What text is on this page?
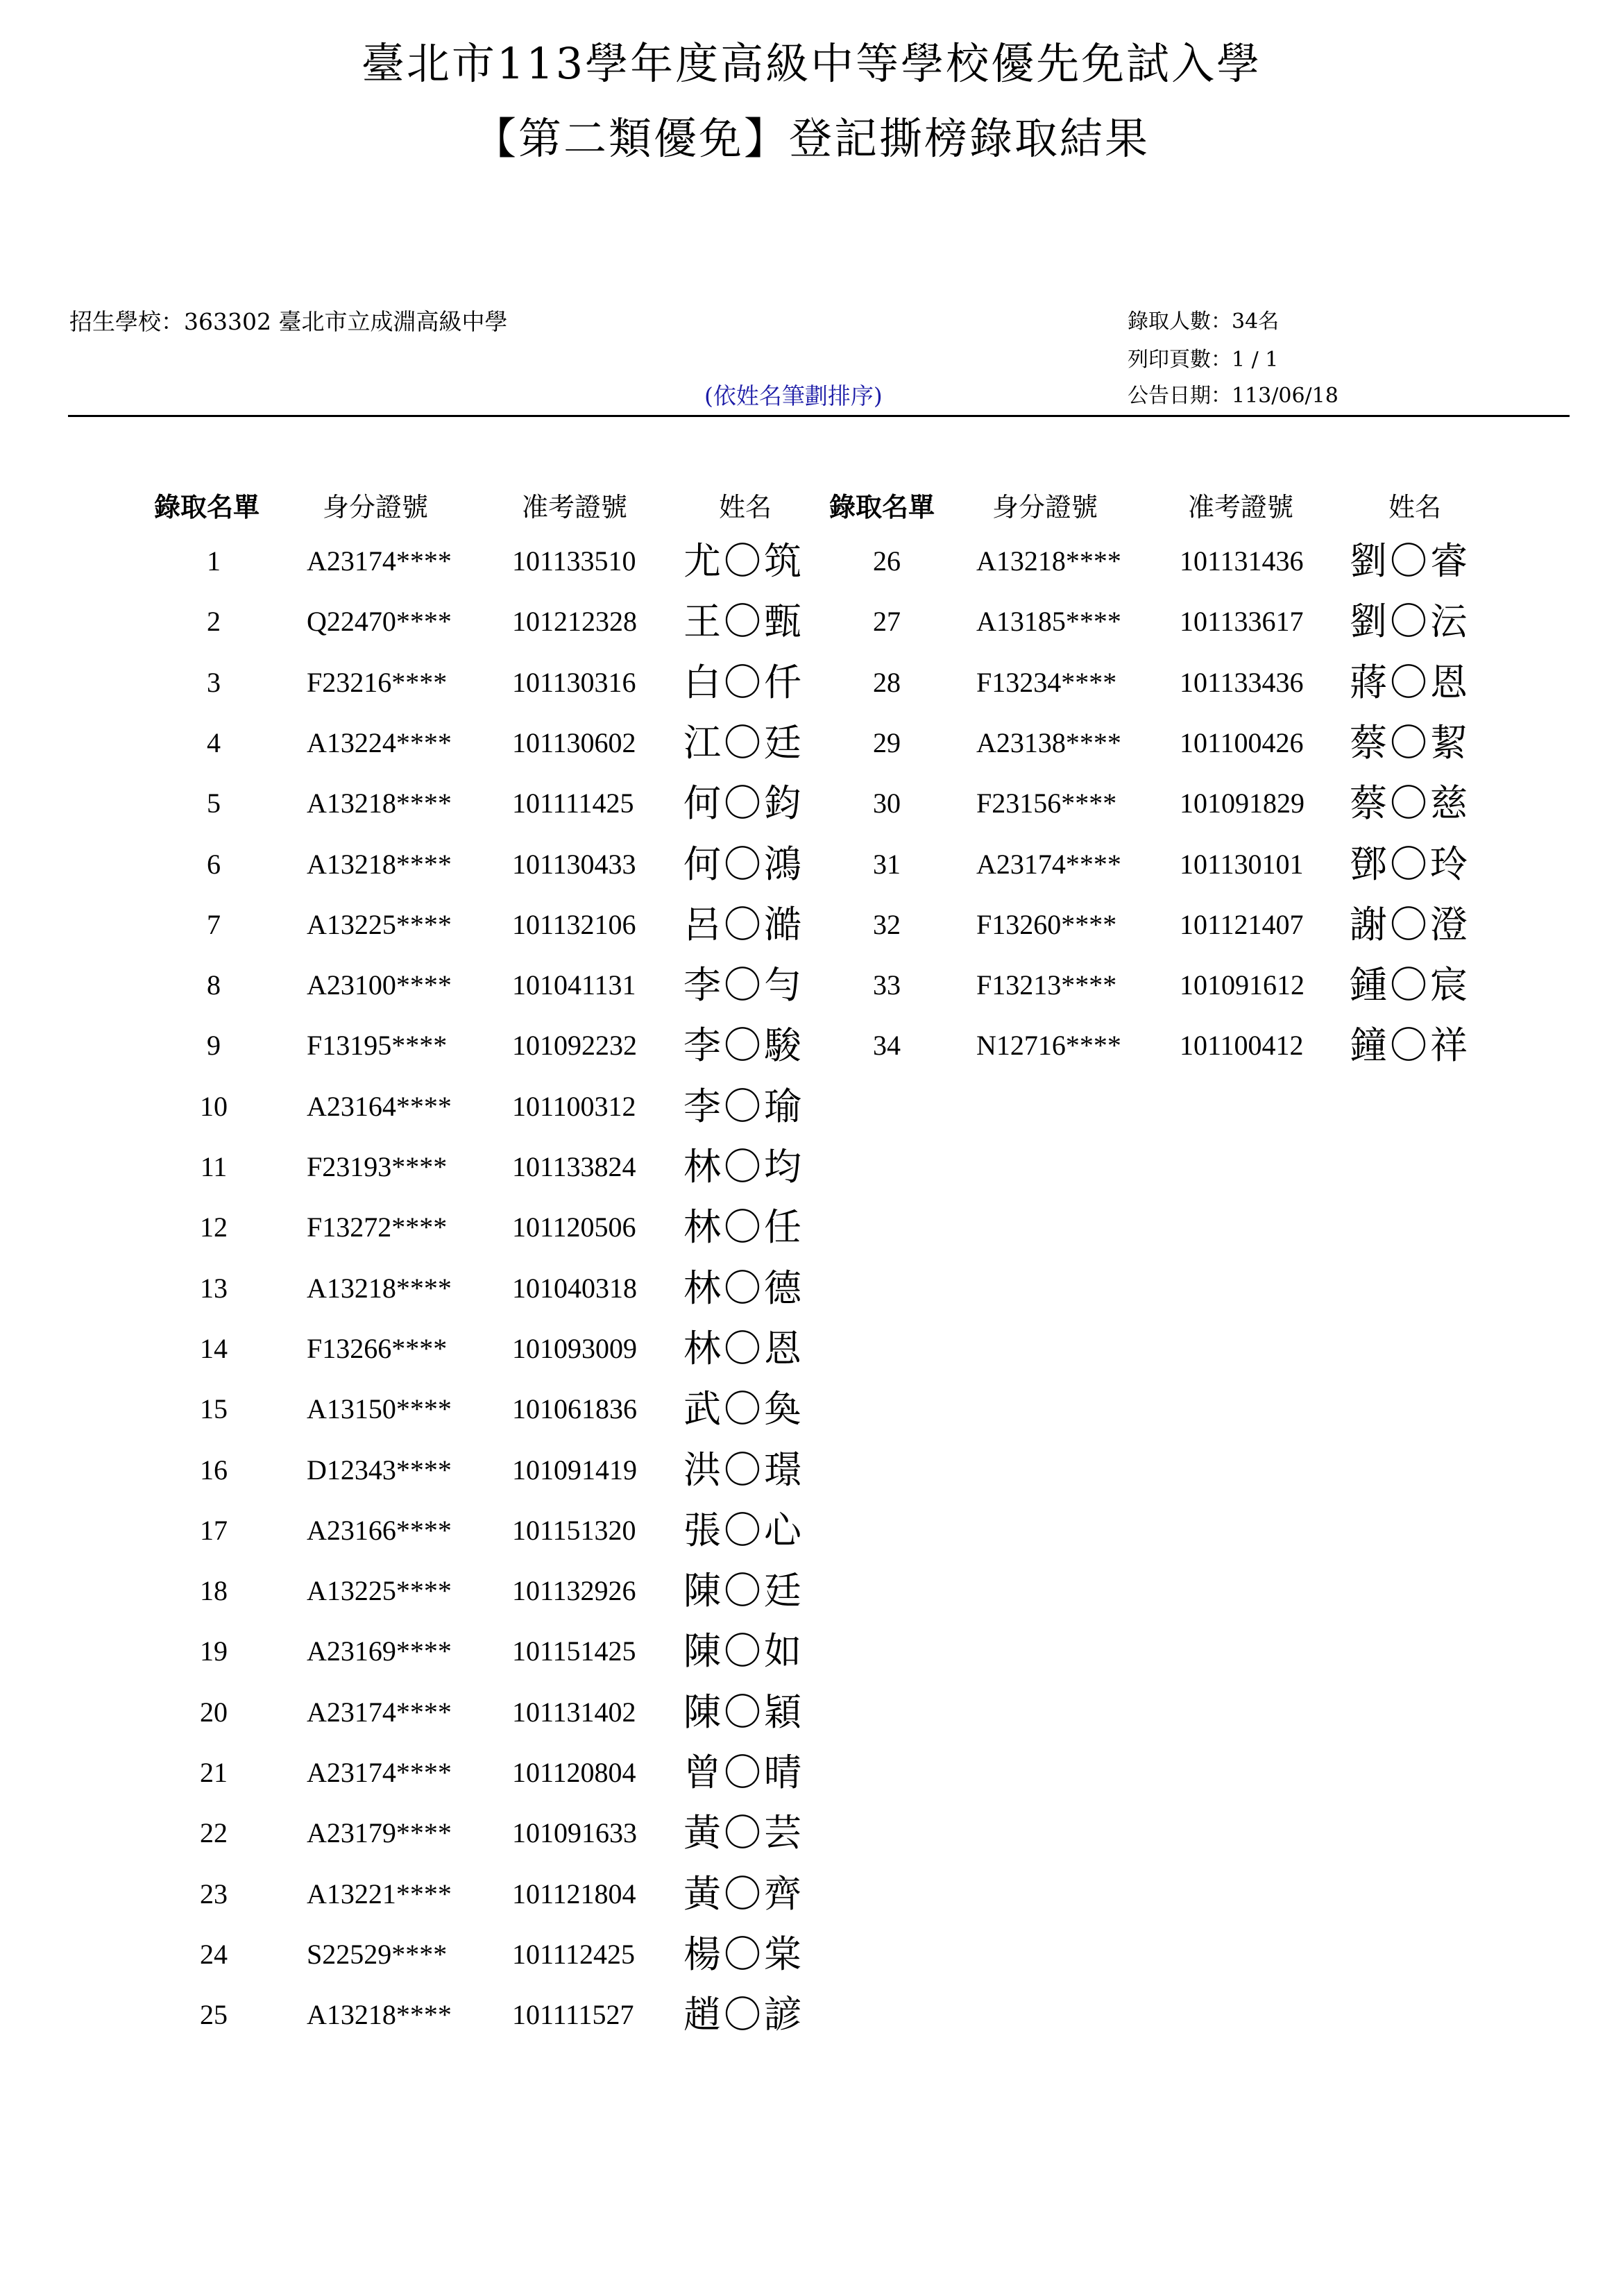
臺北市113學年度高級中等學校優先免試入學
【第二類優免】登記撕榜錄取結果
招生學校：363302 臺北市立成淵高級中學
(依姓名筆劃排序)
錄取人數：34名
列印頁數：1 / 1
公告日期：113/06/18
錄取名單 身分證號	准考證號	姓名 錄取名單 身分證號	准考證號	姓名
1	A23174**** 101133510 尤〇筑
2	Q22470**** 101212328 王〇甄
3	F23216**** 101130316 白〇仟
4	A13224**** 101130602 江〇廷
5	A13218**** 101111425 何〇鈞
6	A13218**** 101130433 何〇鴻
7	A13225**** 101132106 呂〇澔
8	A23100**** 101041131 李〇勻
9	F13195**** 101092232 李〇駿
10	A23164**** 101100312 李〇瑜
11	F23193**** 101133824 林〇均
12	F13272**** 101120506 林〇任
13	A13218**** 101040318 林〇德
14	F13266**** 101093009 林〇恩
15	A13150**** 101061836 武〇奐
16	D12343**** 101091419 洪〇璟
17	A23166**** 101151320 張〇心
18	A13225**** 101132926 陳〇廷
19	A23169**** 101151425 陳〇如
20	A23174**** 101131402 陳〇穎
21	A23174**** 101120804 曾〇晴
22	A23179**** 101091633 黃〇芸
23	A13221**** 101121804 黃〇齊
24	S22529**** 101112425 楊〇棠
25	A13218**** 101111527 趙〇諺
26	A13218**** 101131436 劉〇睿
27	A13185**** 101133617 劉〇沄
28	F13234**** 101133436 蔣〇恩
29	A23138**** 101100426 蔡〇絜
30	F23156**** 101091829 蔡〇慈
31	A23174**** 101130101 鄧〇玲
32	F13260**** 101121407 謝〇澄
33	F13213**** 101091612 鍾〇宸
34	N12716**** 101100412 鐘〇祥
